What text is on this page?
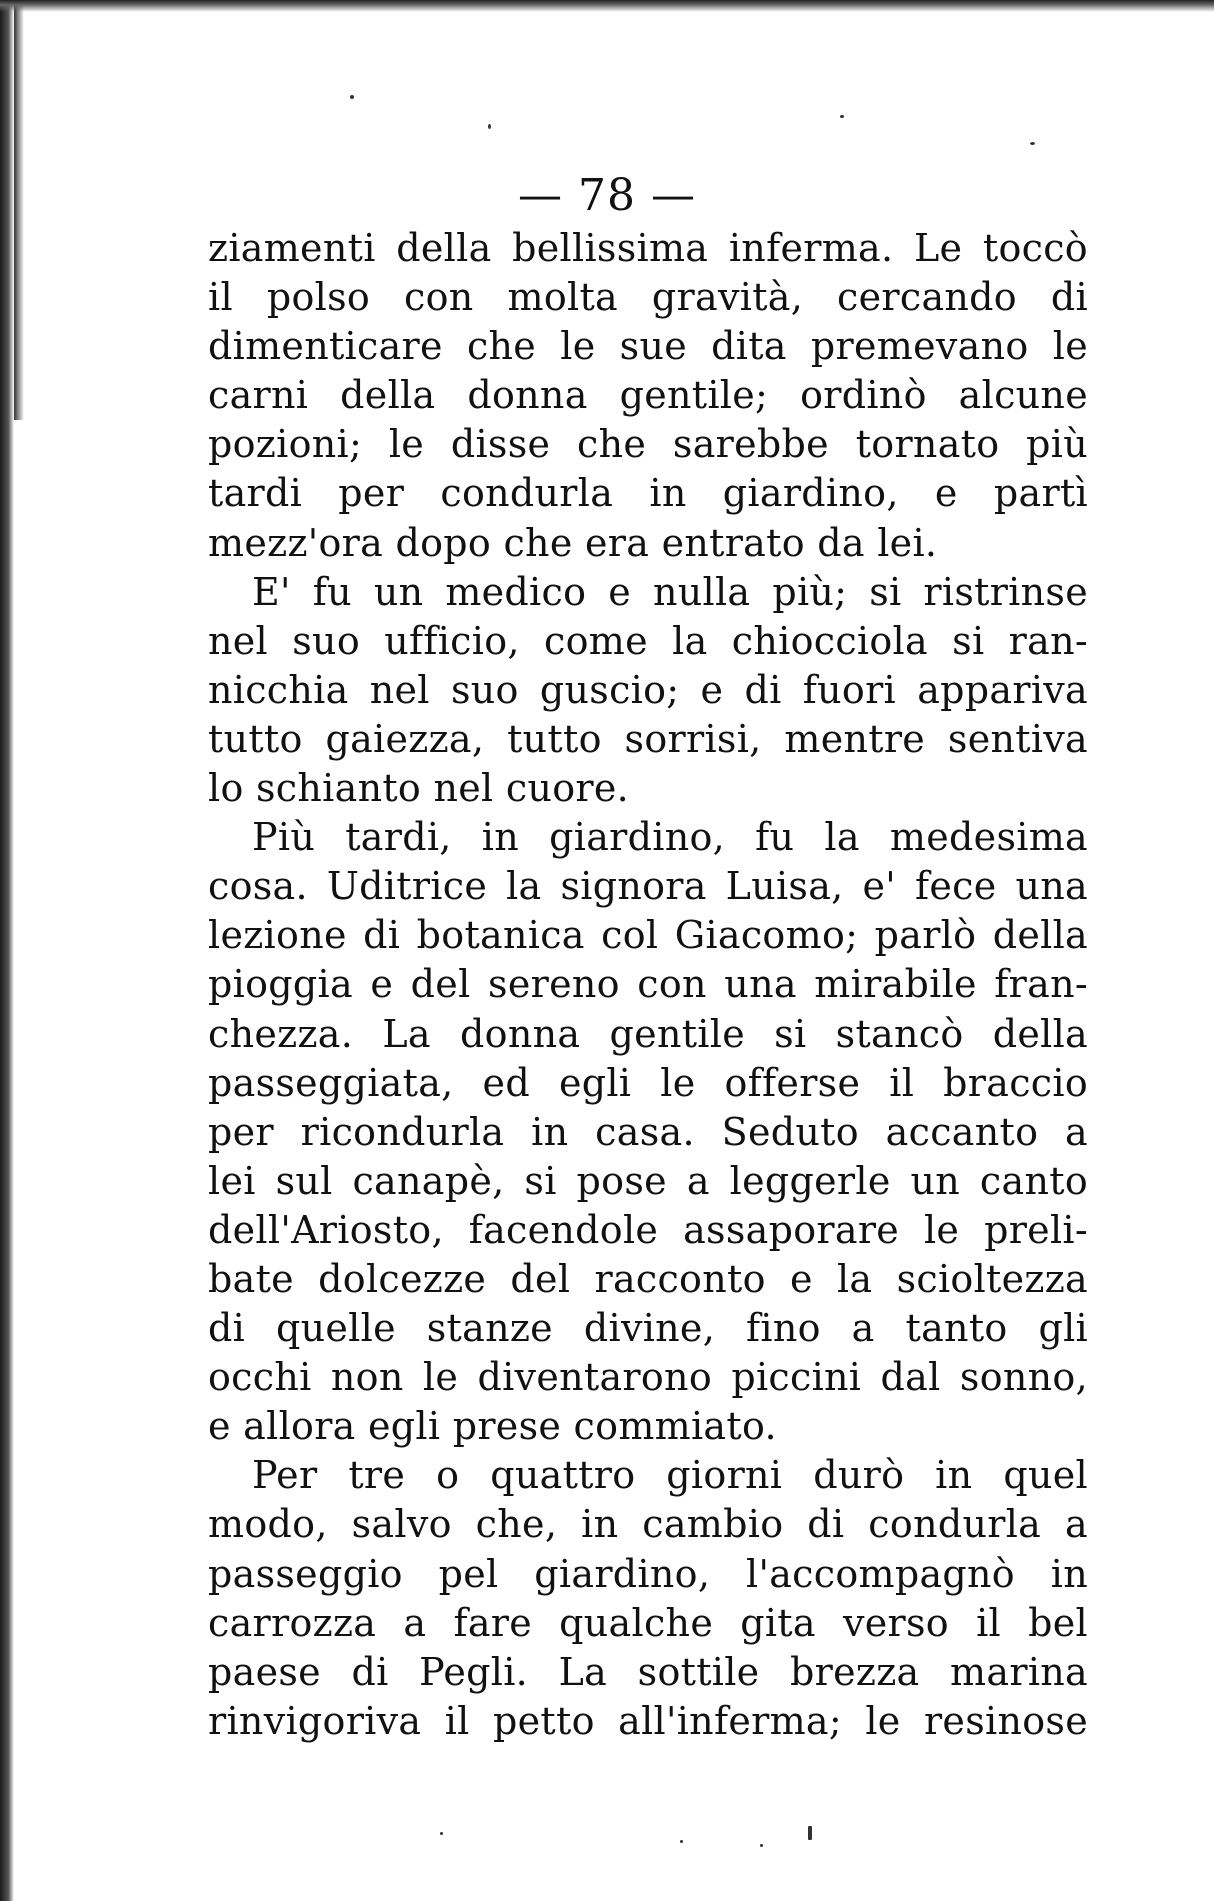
— 78 —
ziamenti della bellissima inferma. Le toccò
il polso con molta gravità, cercando di
dimenticare che le sue dita premevano le
carni della donna gentile; ordinò alcune
pozioni; le disse che sarebbe tornato più
tardi per condurla in giardino, e partì
mezz'ora dopo che era entrato da lei.
E' fu un medico e nulla più; si ristrinse
nel suo ufficio, come la chiocciola si ran-
nicchia nel suo guscio; e di fuori appariva
tutto gaiezza, tutto sorrisi, mentre sentiva
lo schianto nel cuore.
Più tardi, in giardino, fu la medesima
cosa. Uditrice la signora Luisa, e' fece una
lezione di botanica col Giacomo; parlò della
pioggia e del sereno con una mirabile fran-
chezza. La donna gentile si stancò della
passeggiata, ed egli le offerse il braccio
per ricondurla in casa. Seduto accanto a
lei sul canapè, si pose a leggerle un canto
dell'Ariosto, facendole assaporare le preli-
bate dolcezze del racconto e la scioltezza
di quelle stanze divine, fino a tanto gli
occhi non le diventarono piccini dal sonno,
e allora egli prese commiato.
Per tre o quattro giorni durò in quel
modo, salvo che, in cambio di condurla a
passeggio pel giardino, l'accompagnò in
carrozza a fare qualche gita verso il bel
paese di Pegli. La sottile brezza marina
rinvigoriva il petto all'inferma; le resinose
